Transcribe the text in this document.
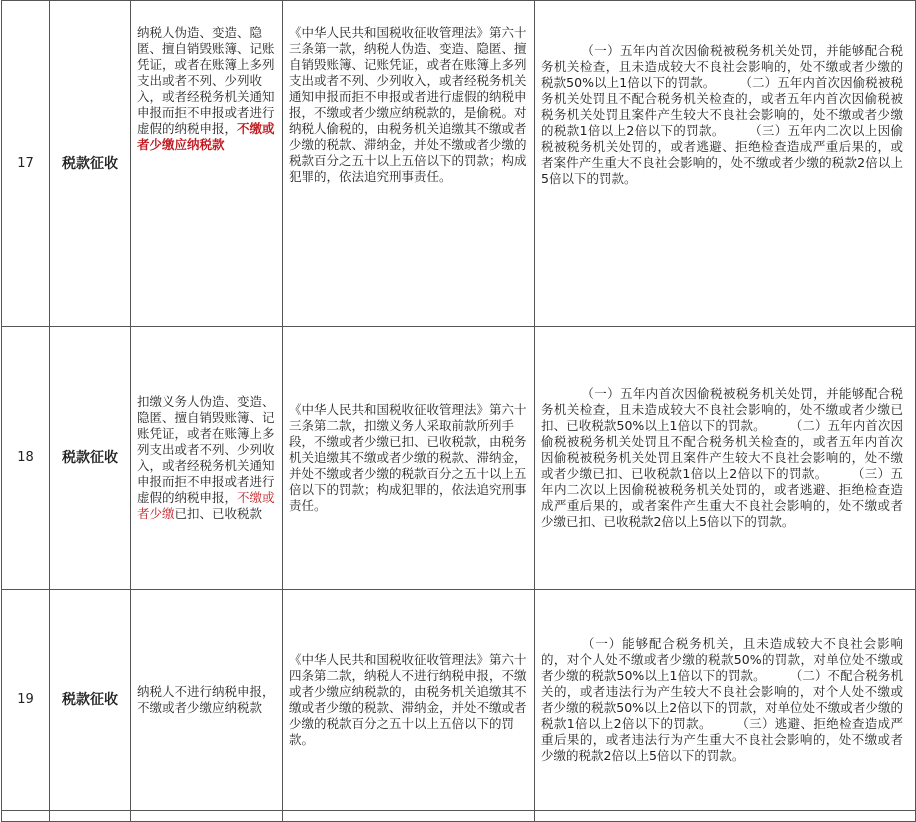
17	税款征收	纳税人伪造、变造、隐匿、擅自销毁账簿、记账凭证，或者在账簿上多列支出或者不列、少列收入，或者经税务机关通知申报而拒不申报或者进行虚假的纳税申报，不缴或者少缴应纳税款	《中华人民共和国税收征收管理法》第六十三条第一款，纳税人伪造、变造、隐匿、擅自销毁账簿、记账凭证，或者在账簿上多列支出或者不列、少列收入，或者经税务机关通知申报而拒不申报或者进行虚假的纳税申报，不缴或者少缴应纳税款的，是偷税。对纳税人偷税的，由税务机关追缴其不缴或者少缴的税款、滞纳金，并处不缴或者少缴的税款百分之五十以上五倍以下的罚款；构成犯罪的，依法追究刑事责任。	（一）五年内首次因偷税被税务机关处罚，并能够配合税务机关检查，且未造成较大不良社会影响的，处不缴或者少缴的税款50%以上1倍以下的罚款。 （二）五年内首次因偷税被税务机关处罚且不配合税务机关检查的，或者五年内首次因偷税被税务机关处罚且案件产生较大不良社会影响的，处不缴或者少缴的税款1倍以上2倍以下的罚款。 （三）五年内二次以上因偷税被税务机关处罚的，或者逃避、拒绝检查造成严重后果的，或者案件产生重大不良社会影响的，处不缴或者少缴的税款2倍以上5倍以下的罚款。
18	税款征收	扣缴义务人伪造、变造、隐匿、擅自销毁账簿、记账凭证，或者在账簿上多列支出或者不列、少列收入，或者经税务机关通知申报而拒不申报或者进行虚假的纳税申报，不缴或者少缴已扣、已收税款	《中华人民共和国税收征收管理法》第六十三条第二款，扣缴义务人采取前款所列手段，不缴或者少缴已扣、已收税款，由税务机关追缴其不缴或者少缴的税款、滞纳金，并处不缴或者少缴的税款百分之五十以上五倍以下的罚款；构成犯罪的，依法追究刑事责任。	（一）五年内首次因偷税被税务机关处罚，并能够配合税务机关检查，且未造成较大不良社会影响的，处不缴或者少缴已扣、已收税款50%以上1倍以下的罚款。 （二）五年内首次因偷税被税务机关处罚且不配合税务机关检查的，或者五年内首次因偷税被税务机关处罚且案件产生较大不良社会影响的，处不缴或者少缴已扣、已收税款1倍以上2倍以下的罚款。 （三）五年内二次以上因偷税被税务机关处罚的，或者逃避、拒绝检查造成严重后果的，或者案件产生重大不良社会影响的，处不缴或者少缴已扣、已收税款2倍以上5倍以下的罚款。
19	税款征收	纳税人不进行纳税申报，不缴或者少缴应纳税款	《中华人民共和国税收征收管理法》第六十四条第二款，纳税人不进行纳税申报，不缴或者少缴应纳税款的，由税务机关追缴其不缴或者少缴的税款、滞纳金，并处不缴或者少缴的税款百分之五十以上五倍以下的罚款。	（一）能够配合税务机关，且未造成较大不良社会影响的，对个人处不缴或者少缴的税款50%的罚款，对单位处不缴或者少缴的税款50%以上1倍以下的罚款。 （二）不配合税务机关的，或者违法行为产生较大不良社会影响的，对个人处不缴或者少缴的税款50%以上2倍以下的罚款，对单位处不缴或者少缴的税款1倍以上2倍以下的罚款。 （三）逃避、拒绝检查造成严重后果的，或者违法行为产生重大不良社会影响的，处不缴或者少缴的税款2倍以上5倍以下的罚款。
